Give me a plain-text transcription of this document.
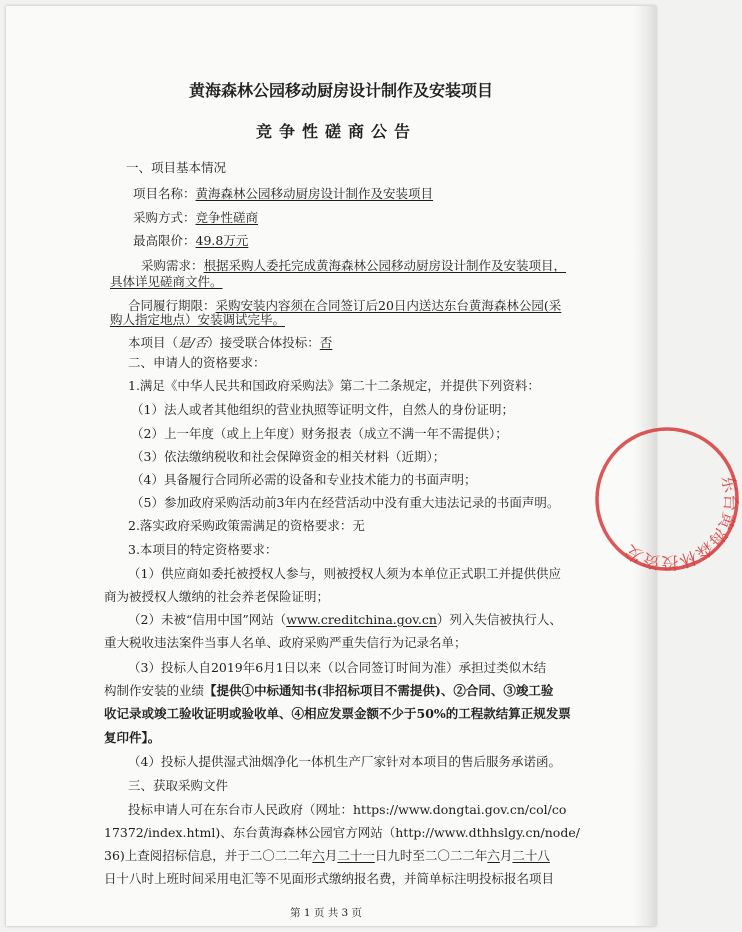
黄海森林公园移动厨房设计制作及安装项目
竞争性磋商公告
一、项目基本情况
项目名称：黄海森林公园移动厨房设计制作及安装项目
采购方式：竞争性磋商
最高限价：49.8万元
采购需求：根据采购人委托完成黄海森林公园移动厨房设计制作及安装项目，
具体详见磋商文件。
合同履行期限：采购安装内容须在合同签订后20日内送达东台黄海森林公园(采
购人指定地点）安装调试完毕。
本项目（是/否）接受联合体投标：否
二、申请人的资格要求：
1.满足《中华人民共和国政府采购法》第二十二条规定，并提供下列资料：
（1）法人或者其他组织的营业执照等证明文件，自然人的身份证明；
（2）上一年度（或上上年度）财务报表（成立不满一年不需提供）；
（3）依法缴纳税收和社会保障资金的相关材料（近期）；
（4）具备履行合同所必需的设备和专业技术能力的书面声明；
（5）参加政府采购活动前3年内在经营活动中没有重大违法记录的书面声明。
2.落实政府采购政策需满足的资格要求：无
3.本项目的特定资格要求：
（1）供应商如委托被授权人参与，则被授权人须为本单位正式职工并提供供应
商为被授权人缴纳的社会养老保险证明；
（2）未被“信用中国”网站（www.creditchina.gov.cn）列入失信被执行人、
重大税收违法案件当事人名单、政府采购严重失信行为记录名单；
（3）投标人自2019年6月1日以来（以合同签订时间为准）承担过类似木结
构制作安装的业绩【提供①中标通知书(非招标项目不需提供)、②合同、③竣工验
收记录或竣工验收证明或验收单、④相应发票金额不少于50%的工程款结算正规发票
复印件】。
（4）投标人提供湿式油烟净化一体机生产厂家针对本项目的售后服务承诺函。
三、获取采购文件
投标申请人可在东台市人民政府（网址：https://www.dongtai.gov.cn/col/co
17372/index.html)、东台黄海森林公园官方网站（http://www.dthhslgy.cn/node/
36)上查阅招标信息，并于二〇二二年六月二十一日九时至二〇二二年六月二十八
日十八时上班时间采用电汇等不见面形式缴纳报名费，并简单标注明投标报名项目
第 1 页 共 3 页
东台黄海森林投资发
